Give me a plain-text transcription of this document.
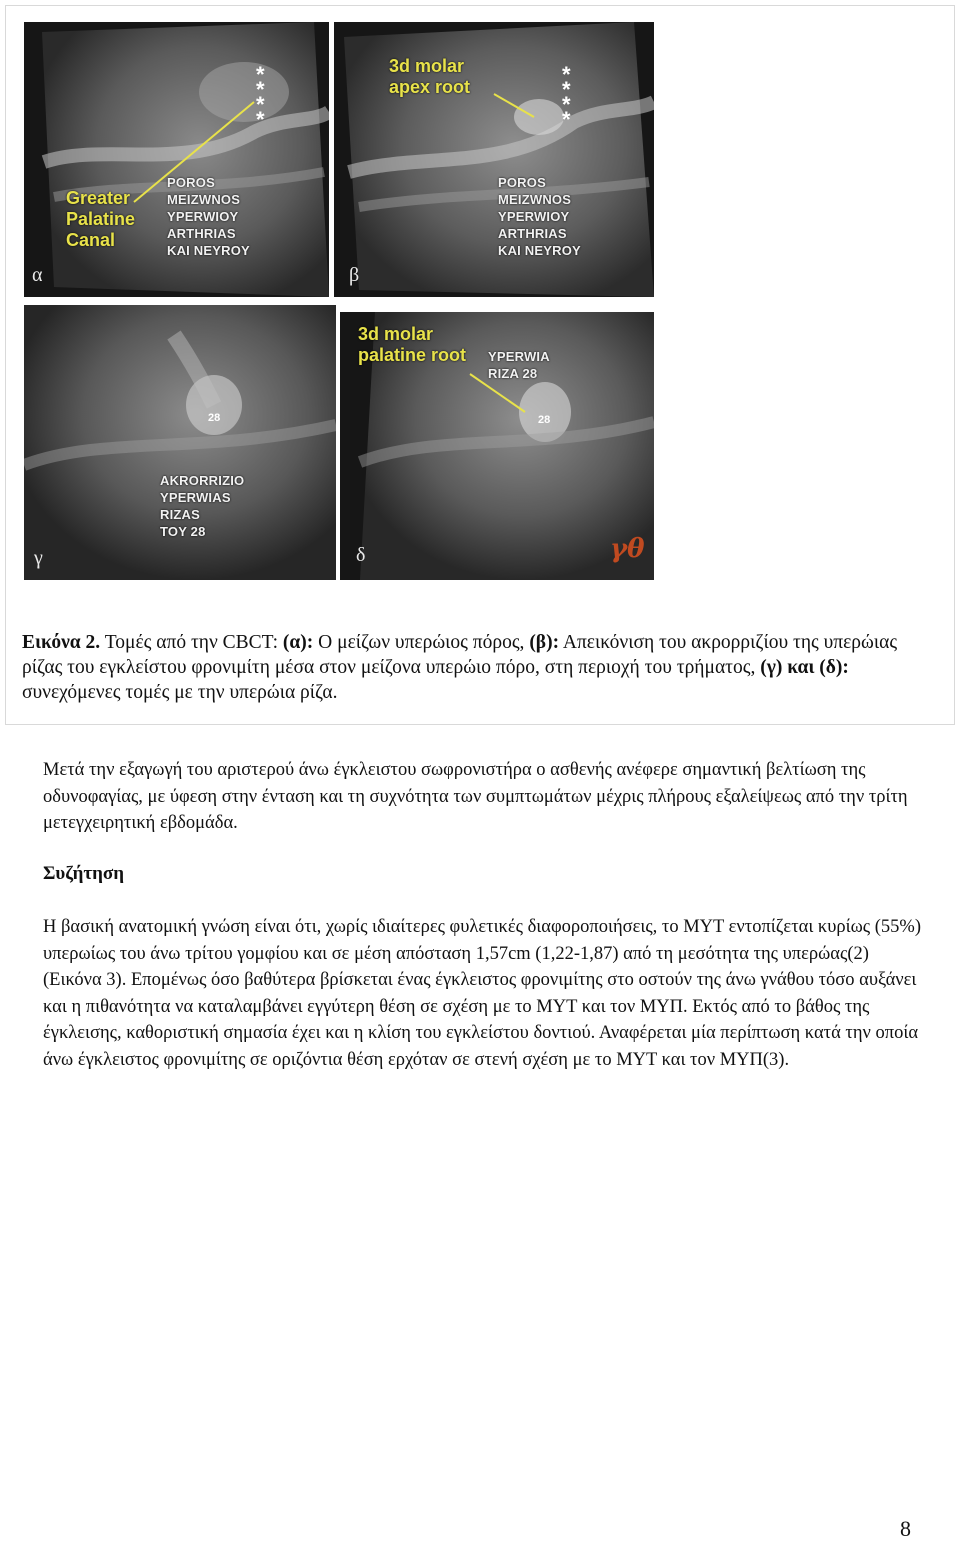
*
*
*
*
Greater
Palatine
Canal
POROS
MEIZWNOS
YPERWIOY
ARTHRIAS
KAI NEYROY
α
*
*
*
*
3d molar
apex root
POROS
MEIZWNOS
YPERWIOY
ARTHRIAS
KAI NEYROY
β
28
AKRORRIZIO
YPERWIAS
RIZAS
TOY 28
γ
28
3d molar
palatine root YPERWIA
RIZA 28
δ	γθ
Εικόνα 2. Τομές από την CBCT: (α): Ο μείζων υπερώιος πόρος, (β): Απεικόνιση του ακρορριζίου της υπερώιας ρίζας του εγκλείστου φρονιμίτη μέσα στον μείζονα υπερώιο πόρο, στη περιοχή του τρήματος, (γ) και (δ): συνεχόμενες τομές με την υπερώια ρίζα.

Μετά την εξαγωγή του αριστερού άνω έγκλειστου σωφρονιστήρα ο ασθενής ανέφερε σημαντική βελτίωση της οδυνοφαγίας, με ύφεση στην ένταση και τη συχνότητα των συμπτωμάτων μέχρις πλήρους εξαλείψεως από την τρίτη μετεγχειρητική εβδομάδα.

Συζήτηση

Η βασική ανατομική γνώση είναι ότι, χωρίς ιδιαίτερες φυλετικές διαφοροποιήσεις, το ΜΥΤ εντοπίζεται κυρίως (55%) υπερωίως του άνω τρίτου γομφίου και σε μέση απόσταση 1,57cm (1,22-1,87) από τη μεσότητα της υπερώας(2)(Εικόνα 3). Επομένως όσο βαθύτερα βρίσκεται ένας έγκλειστος φρονιμίτης στο οστούν της άνω γνάθου τόσο αυξάνει και η πιθανότητα να καταλαμβάνει εγγύτερη θέση σε σχέση με το ΜΥΤ και τον ΜΥΠ. Εκτός από το βάθος της έγκλεισης, καθοριστική σημασία έχει και η κλίση του εγκλείστου δοντιού. Αναφέρεται μία περίπτωση κατά την οποία άνω έγκλειστος φρονιμίτης σε οριζόντια θέση ερχόταν σε στενή σχέση με το ΜΥΤ και τον ΜΥΠ(3).

8
